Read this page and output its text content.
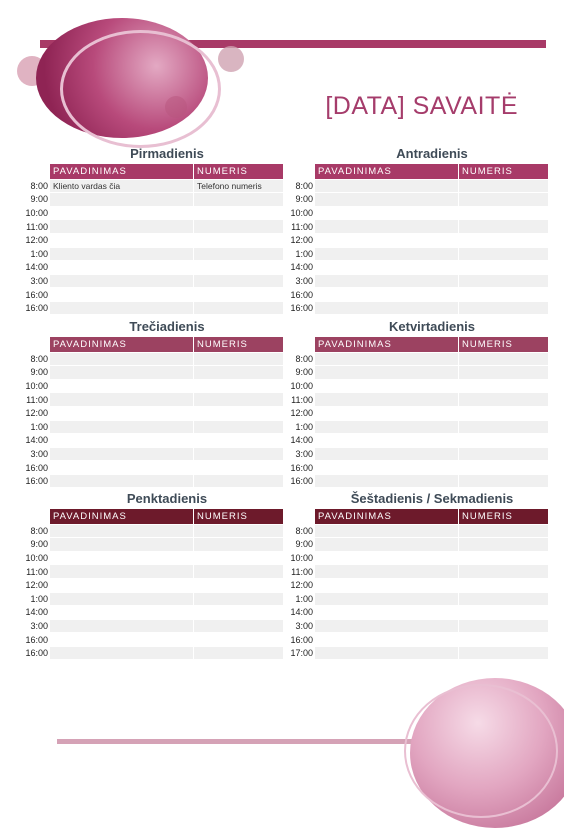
[DATA] SAVAITĖ
Pirmadienis
PAVADINIMAS	NUMERIS
8:00 Kliento vardas čia	Telefono numeris
9:00
10:00
11:00
12:00
1:00
14:00
3:00
16:00
16:00
Antradienis
PAVADINIMAS	NUMERIS
8:00
9:00
10:00
11:00
12:00
1:00
14:00
3:00
16:00
16:00
Trečiadienis
PAVADINIMAS	NUMERIS
8:00
9:00
10:00
11:00
12:00
1:00
14:00
3:00
16:00
16:00
Ketvirtadienis
PAVADINIMAS	NUMERIS
8:00
9:00
10:00
11:00
12:00
1:00
14:00
3:00
16:00
16:00
Penktadienis
PAVADINIMAS	NUMERIS
8:00
9:00
10:00
11:00
12:00
1:00
14:00
3:00
16:00
16:00
Šeštadienis / Sekmadienis
PAVADINIMAS	NUMERIS
8:00
9:00
10:00
11:00
12:00
1:00
14:00
3:00
16:00
17:00
